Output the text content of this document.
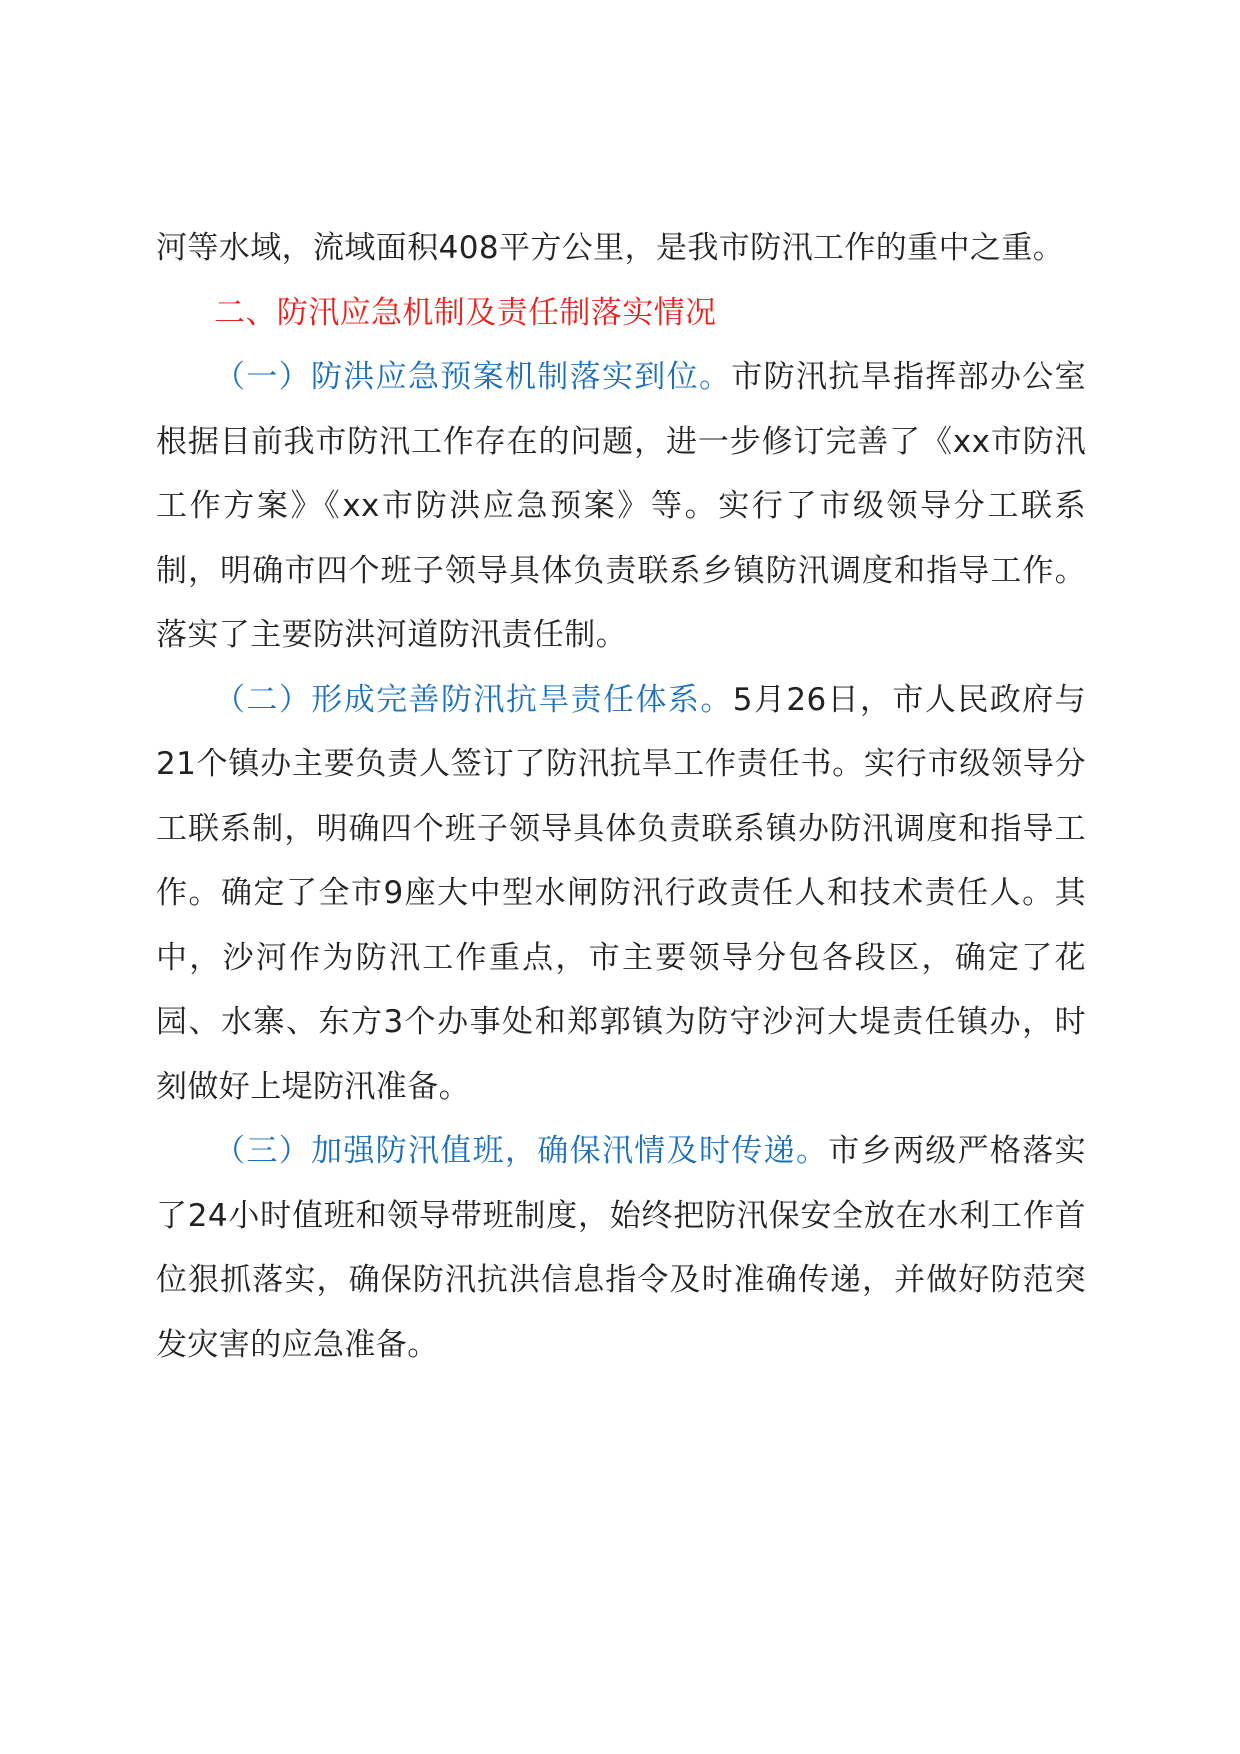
河等水域，流域面积408平方公里，是我市防汛工作的重中之重。

二、防汛应急机制及责任制落实情况

（一）防洪应急预案机制落实到位。市防汛抗旱指挥部办公室根据目前我市防汛工作存在的问题，进一步修订完善了《xx市防汛工作方案》《xx市防洪应急预案》等。实行了市级领导分工联系制，明确市四个班子领导具体负责联系乡镇防汛调度和指导工作。落实了主要防洪河道防汛责任制。

（二）形成完善防汛抗旱责任体系。5月26日，市人民政府与21个镇办主要负责人签订了防汛抗旱工作责任书。实行市级领导分工联系制，明确四个班子领导具体负责联系镇办防汛调度和指导工作。确定了全市9座大中型水闸防汛行政责任人和技术责任人。其中，沙河作为防汛工作重点，市主要领导分包各段区，确定了花园、水寨、东方3个办事处和郑郭镇为防守沙河大堤责任镇办，时刻做好上堤防汛准备。

（三）加强防汛值班，确保汛情及时传递。市乡两级严格落实了24小时值班和领导带班制度，始终把防汛保安全放在水利工作首位狠抓落实，确保防汛抗洪信息指令及时准确传递，并做好防范突发灾害的应急准备。
